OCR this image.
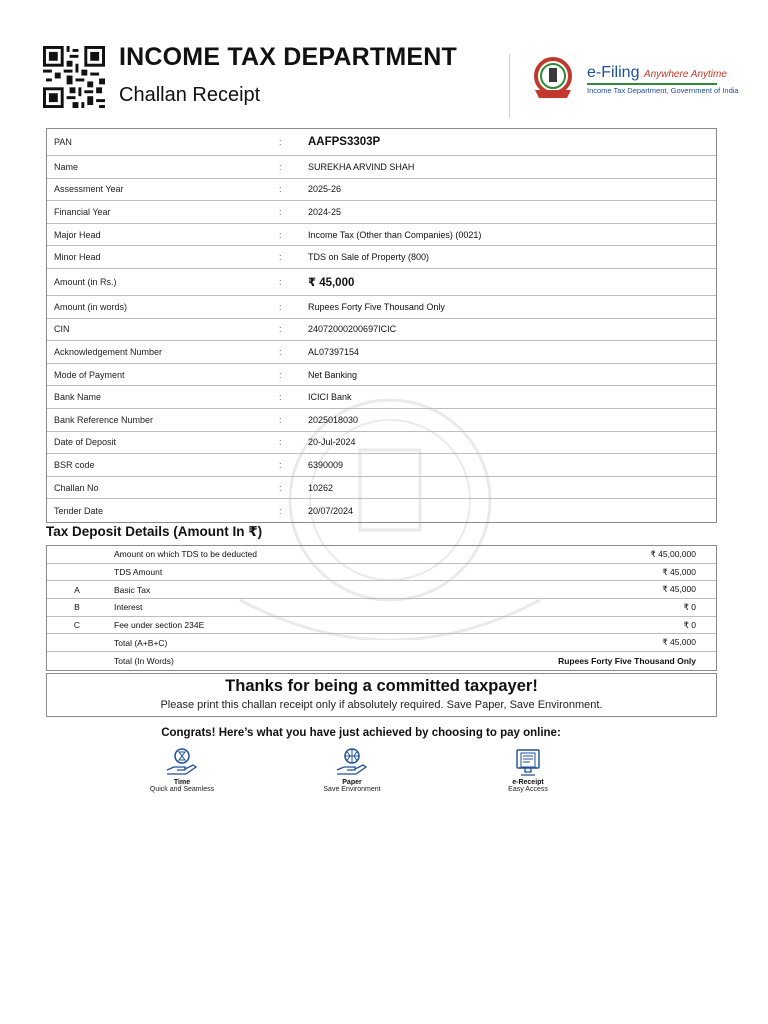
INCOME TAX DEPARTMENT
Challan Receipt
e-Filing Anywhere Anytime
Income Tax Department, Government of India
PAN	:	AAFPS3303P
Name	:	SUREKHA ARVIND SHAH
Assessment Year	:	2025-26
Financial Year	:	2024-25
Major Head	:	Income Tax (Other than Companies) (0021)
Minor Head	:	TDS on Sale of Property (800)
Amount (in Rs.)	:	₹ 45,000
Amount (in words)	:	Rupees Forty Five Thousand Only
CIN	:	24072000200697ICIC
Acknowledgement Number	:	AL07397154
Mode of Payment	:	Net Banking
Bank Name	:	ICICI Bank
Bank Reference Number	:	2025018030
Date of Deposit	:	20-Jul-2024
BSR code	:	6390009
Challan No	:	10262
Tender Date	:	20/07/2024
Tax Deposit Details (Amount In ₹)
Amount on which TDS to be deducted	₹ 45,00,000
TDS Amount	₹ 45,000
A	Basic Tax	₹ 45,000
B	Interest	₹ 0
C	Fee under section 234E	₹ 0
Total (A+B+C)	₹ 45,000
Total (In Words)	Rupees Forty Five Thousand Only
Thanks for being a committed taxpayer!
Please print this challan receipt only if absolutely required. Save Paper, Save Environment.
Congrats! Here’s what you have just achieved by choosing to pay online:
Time
Quick and Seamless
Paper
Save Environment
e-Receipt
Easy Access
